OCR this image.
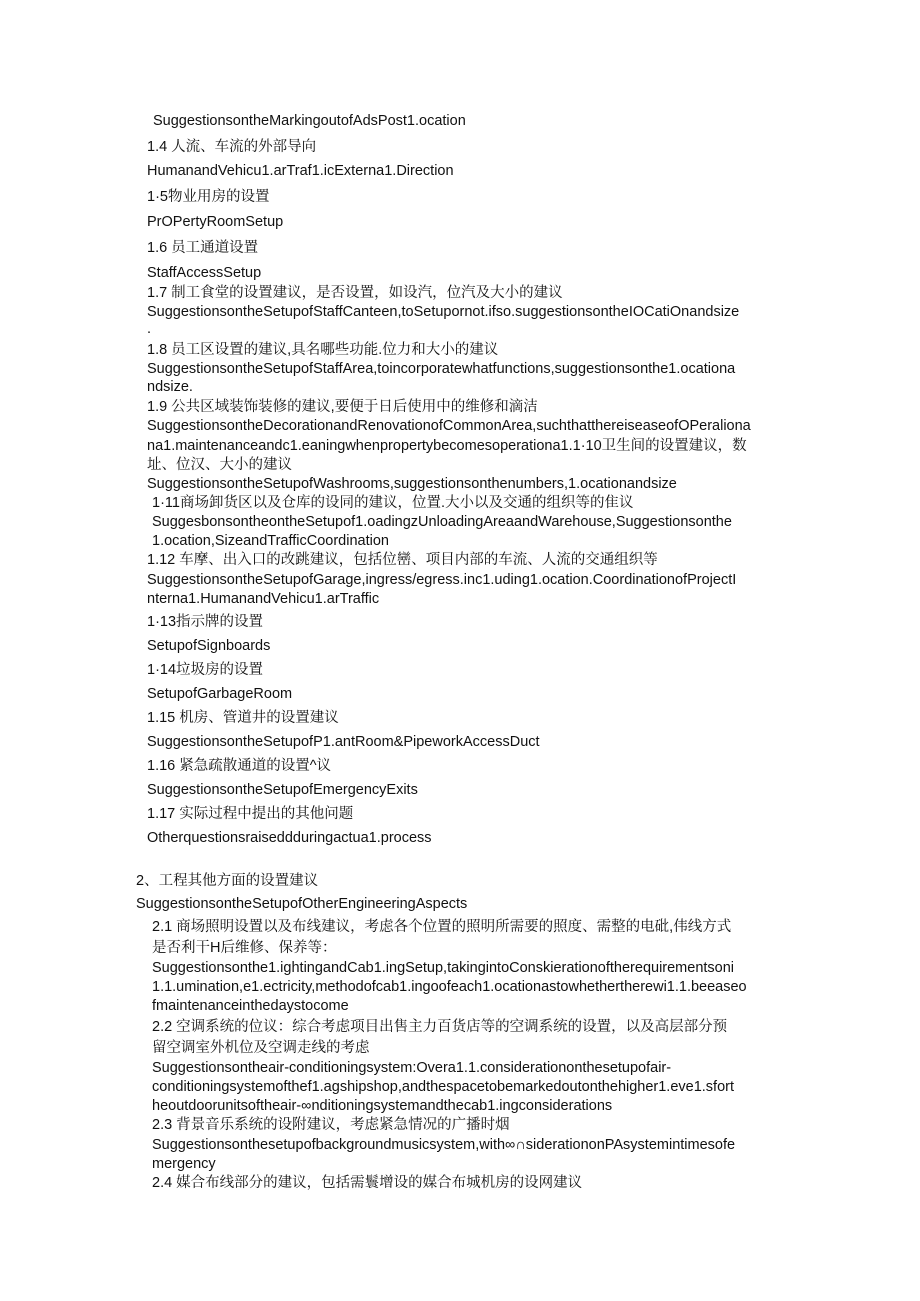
SuggestionsontheMarkingoutofAdsPost1.ocation
1.4 人流、车流的外部导向
HumanandVehicu1.arTraf1.icExterna1.Direction
1·5物业用房的设置
PrOPertyRoomSetup
1.6 员工通道设置
StaffAccessSetup
1.7 制工食堂的设置建议，是否设置，如设汽，位汽及大小的建议
SuggestionsontheSetupofStaffCanteen,toSetupornot.ifso.suggestionsontheIOCatiOnandsize
.
1.8 员工区设置的建议,具名哪些功能.位力和大小的建议
SuggestionsontheSetupofStaffArea,toincorporatewhatfunctions,suggestionsonthe1.ocationa
ndsize.
1.9 公共区域装饰装修的建议,要便于日后使用中的维修和滴洁
SuggestionsontheDecorationandRenovationofCommonArea,suchthattherеiseaseofOPeraliona
na1.maintenanceandc1.eaningwhenpropertybecomesoperationa1.1·10卫生间的设置建议，数
址、位汉、大小的建议
SuggestionsontheSetupofWashrooms,suggestionsonthenumbers,1.ocationandsize
1·11商场卸货区以及仓库的设同的建议，位置.大小以及交通的组织等的隹议
SuggesbonsontheontheSetupof1.oadingzUnloadingAreaandWarehouse,Suggestionsonthe
1.ocation,SizeandTrafficCoordination
1.12 车摩、出入口的改跳建议，包括位巒、项目内部的车流、人流的交通组织等
SuggestionsontheSetupofGarage,ingress/egress.inc1.uding1.ocation.CoordinationofProjectI
nterna1.HumanandVehicu1.arTraffic
1·13指示牌的设置
SetupofSignboards
1·14垃圾房的设置
SetupofGarbageRoom
1.15 机房、管道井的设置建议
SuggestionsontheSetupofP1.antRoom&PipeworkAccessDuct
1.16 紧急疏散通道的设置^议
SuggestionsontheSetupofEmergencyExits
1.17 实际过程中提出的其他问题
Otherquestionsraiseddduringactua1.process
2、工程其他方面的设置建议
SuggestionsontheSetupofOtherEngineeringAspects
2.1 商场照明设置以及布线建议，考虑各个位置的照明所需要的照度、需整的电砒,伟线方式
是否利干H后维修、保养等：
Suggestionsonthe1.ightingandCab1.ingSetup,takingintoConskierationoftherequirementsoni
1.1.umination,e1.ectricity,methodofcab1.ingoofeach1.ocationastowhethertherewi1.1.beeaseo
fmaintenanceinthedaystocome
2.2 空调系统的位议：综合考虑项目出售主力百货店等的空调系统的设置，以及高层部分预
留空调室外机位及空调走线的考虑
Suggestionsontheair-conditioningsystem:Overa1.1.considerationonthesetupofair-
conditioningsystemofthef1.agshipshop,andthespacetobemarkedoutonthehigher1.eve1.sfort
heoutdoorunitsoftheair-∞nditioningsystemandthecab1.ingconsiderations
2.3 背景音乐系统的设附建议，考虑紧急情况的广播时烟
Suggestionsonthesetupofbackgroundmusicsystem,with∞∩siderationonPAsystemintimesofe
mergency
2.4 媒合布线部分的建议，包括需鬟增设的媒合布城机房的设网建议
